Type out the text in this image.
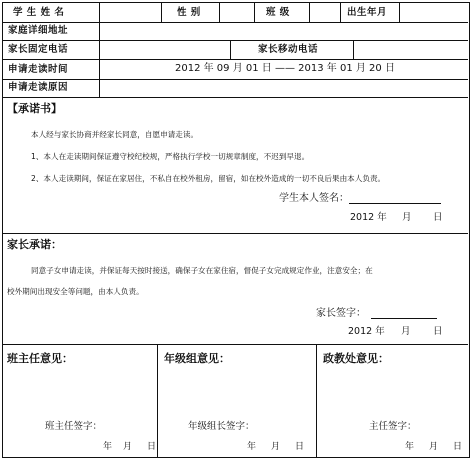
学 生 姓 名	性 别	班 级	出生年月
家庭详细地址
家长固定电话	家长移动电话
申请走读时间	2012 年 09 月 01 日 —— 2013 年 01 月 20 日
申请走读原因
【承诺书】
本人经与家长协商并经家长同意，自愿申请走读。
1、本人在走读期间保证遵守校纪校规，严格执行学校一切规章制度，不迟到早退。
2、本人走读期间，保证在家居住，不私自在校外租房，留宿，如在校外造成的一切不良后果由本人负责。
学生本人签名：
2012 年 月 日
家长承诺：
同意子女申请走读，并保证每天按时接送，确保子女在家住宿，督促子女完成规定作业，注意安全；在
校外期间出现安全等问题，由本人负责。
家长签字：
2012 年 月 日
班主任意见：
班主任签字：
年 月 日
年级组意见：
年级组长签字：
年 月 日
政教处意见：
主任签字：
年 月 日
